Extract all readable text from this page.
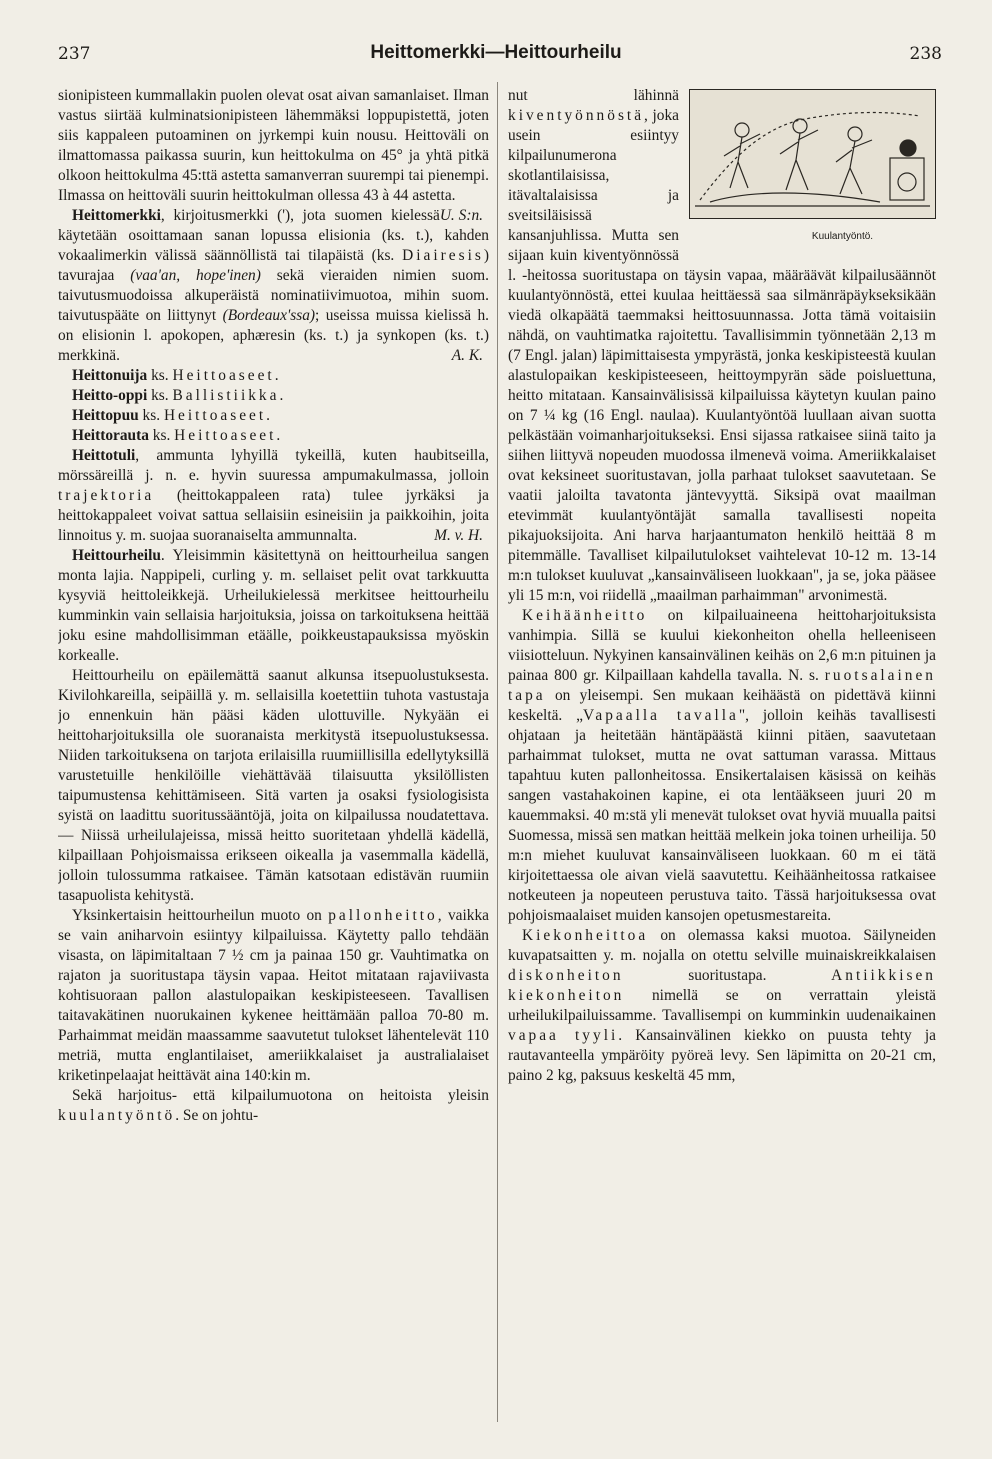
237	Heittomerkki—Heittourheilu	238

sionipisteen kummallakin puolen olevat osat aivan samanlaiset. Ilman vastus siirtää kulminatsionipisteen lähemmäksi loppupistettä, joten siis kappaleen putoaminen on jyrkempi kuin nousu. Heittoväli on ilmattomassa paikassa suurin, kun heittokulma on 45° ja yhtä pitkä olkoon heittokulma 45:ttä astetta samanverran suurempi tai pienempi. Ilmassa on heittoväli suurin heittokulman ollessa 43 à 44 astetta.
U. S:n.

Heittomerkki, kirjoitusmerkki ('), jota suomen kielessä käytetään osoittamaan sanan lopussa elisionia (ks. t.), kahden vokaalimerkin välissä säännöllistä tai tilapäistä (ks. Diairesis) tavurajaa (vaa'an, hope'inen) sekä vieraiden nimien suom. taivutusmuodoissa alkuperäistä nominatiivimuotoa, mihin suom. taivutuspääte on liittynyt (Bordeaux'ssa); useissa muissa kielissä h. on elisionin l. apokopen, aphæresin (ks. t.) ja synkopen (ks. t.) merkkinä.	A. K.

Heittonuija ks. Heittoaseet.

Heitto-oppi ks. Ballistiikka.

Heittopuu ks. Heittoaseet.

Heittorauta ks. Heittoaseet.

Heittotuli, ammunta lyhyillä tykeillä, kuten haubitseilla, mörssäreillä j. n. e. hyvin suuressa ampumakulmassa, jolloin trajektoria (heittokappaleen rata) tulee jyrkäksi ja heittokappaleet voivat sattua sellaisiin esineisiin ja paikkoihin, joita linnoitus y. m. suojaa suoranaiselta ammunnalta.	M. v. H.

Heittourheilu. Yleisimmin käsitettynä on heittourheilua sangen monta lajia. Nappipeli, curling y. m. sellaiset pelit ovat tarkkuutta kysyviä heittoleikkejä. Urheilukielessä merkitsee heittourheilu kumminkin vain sellaisia harjoituksia, joissa on tarkoituksena heittää joku esine mahdollisimman etäälle, poikkeustapauksissa myöskin korkealle.

Heittourheilu on epäilemättä saanut alkunsa itsepuolustuksesta. Kivilohkareilla, seipäillä y. m. sellaisilla koetettiin tuhota vastustaja jo ennenkuin hän pääsi käden ulottuville. Nykyään ei heittoharjoituksilla ole suoranaista merkitystä itsepuolustuksessa. Niiden tarkoituksena on tarjota erilaisilla ruumiillisilla edellytyksillä varustetuille henkilöille viehättävää tilaisuutta yksilöllisten taipumustensa kehittämiseen. Sitä varten ja osaksi fysiologisista syistä on laadittu suoritussääntöjä, joita on kilpailussa noudatettava. — Niissä urheilulajeissa, missä heitto suoritetaan yhdellä kädellä, kilpaillaan Pohjoismaissa erikseen oikealla ja vasemmalla kädellä, jolloin tulossumma ratkaisee. Tämän katsotaan edistävän ruumiin tasapuolista kehitystä.

Yksinkertaisin heittourheilun muoto on pallonheitto, vaikka se vain aniharvoin esiintyy kilpailuissa. Käytetty pallo tehdään visasta, on läpimitaltaan 7 ½ cm ja painaa 150 gr. Vauhtimatka on rajaton ja suoritustapa täysin vapaa. Heitot mitataan rajaviivasta kohtisuoraan pallon alastulopaikan keskipisteeseen. Tavallisen taitavakätinen nuorukainen kykenee heittämään palloa 70-80 m. Parhaimmat meidän maassamme saavutetut tulokset lähentelevät 110 metriä, mutta englantilaiset, ameriikkalaiset ja australialaiset kriketinpelaajat heittävät aina 140:kin m.

Sekä harjoitus- että kilpailumuotona on heitoista yleisin kuulantyöntö. Se on johtu-

Kuulantyöntö.

nut lähinnä kiventyönnöstä, joka usein esiintyy kilpailunumerona skotlantilaisissa, itävaltalaisissa ja sveitsiläisissä kansanjuhlissa. Mutta sen sijaan kuin kiventyönnössä l. -heitossa suoritustapa on täysin vapaa, määräävät kilpailusäännöt kuulantyönnöstä, ettei kuulaa heittäessä saa silmänräpäykseksikään viedä olkapäätä taemmaksi heittosuunnassa. Jotta tämä voitaisiin nähdä, on vauhtimatka rajoitettu. Tavallisimmin työnnetään 2,13 m (7 Engl. jalan) läpimittaisesta ympyrästä, jonka keskipisteestä kuulan alastulopaikan keskipisteeseen, heittoympyrän säde poisluettuna, heitto mitataan. Kansainvälisissä kilpailuissa käytetyn kuulan paino on 7 ¼ kg (16 Engl. naulaa). Kuulantyöntöä luullaan aivan suotta pelkästään voimanharjoitukseksi. Ensi sijassa ratkaisee siinä taito ja siihen liittyvä nopeuden muodossa ilmenevä voima. Ameriikkalaiset ovat keksineet suoritustavan, jolla parhaat tulokset saavutetaan. Se vaatii jaloilta tavatonta jäntevyyttä. Siksipä ovat maailman etevimmät kuulantyöntäjät samalla tavallisesti nopeita pikajuoksijoita. Ani harva harjaantumaton henkilö heittää 8 m pitemmälle. Tavalliset kilpailutulokset vaihtelevat 10-12 m. 13-14 m:n tulokset kuuluvat „kansainväliseen luokkaan", ja se, joka pääsee yli 15 m:n, voi riidellä „maailman parhaimman" arvonimestä.

Keihäänheitto on kilpailuaineena heittoharjoituksista vanhimpia. Sillä se kuului kiekonheiton ohella helleeniseen viisiotteluun. Nykyinen kansainvälinen keihäs on 2,6 m:n pituinen ja painaa 800 gr. Kilpaillaan kahdella tavalla. N. s. ruotsalainen tapa on yleisempi. Sen mukaan keihäästä on pidettävä kiinni keskeltä. „Vapaalla tavalla", jolloin keihäs tavallisesti ohjataan ja heitetään häntäpäästä kiinni pitäen, saavutetaan parhaimmat tulokset, mutta ne ovat sattuman varassa. Mittaus tapahtuu kuten pallonheitossa. Ensikertalaisen käsissä on keihäs sangen vastahakoinen kapine, ei ota lentääkseen juuri 20 m kauemmaksi. 40 m:stä yli menevät tulokset ovat hyviä muualla paitsi Suomessa, missä sen matkan heittää melkein joka toinen urheilija. 50 m:n miehet kuuluvat kansainväliseen luokkaan. 60 m ei tätä kirjoitettaessa ole aivan vielä saavutettu. Keihäänheitossa ratkaisee notkeuteen ja nopeuteen perustuva taito. Tässä harjoituksessa ovat pohjoismaalaiset muiden kansojen opetusmestareita.

Kiekonheittoa on olemassa kaksi muotoa. Säilyneiden kuvapatsaitten y. m. nojalla on otettu selville muinaiskreikkalaisen diskonheiton suoritustapa. Antiikkisen kiekonheiton nimellä se on verrattain yleistä urheilukilpailuissamme. Tavallisempi on kumminkin uudenaikainen vapaa tyyli. Kansainvälinen kiekko on puusta tehty ja rautavanteella ympäröity pyöreä levy. Sen läpimitta on 20-21 cm, paino 2 kg, paksuus keskeltä 45 mm,
